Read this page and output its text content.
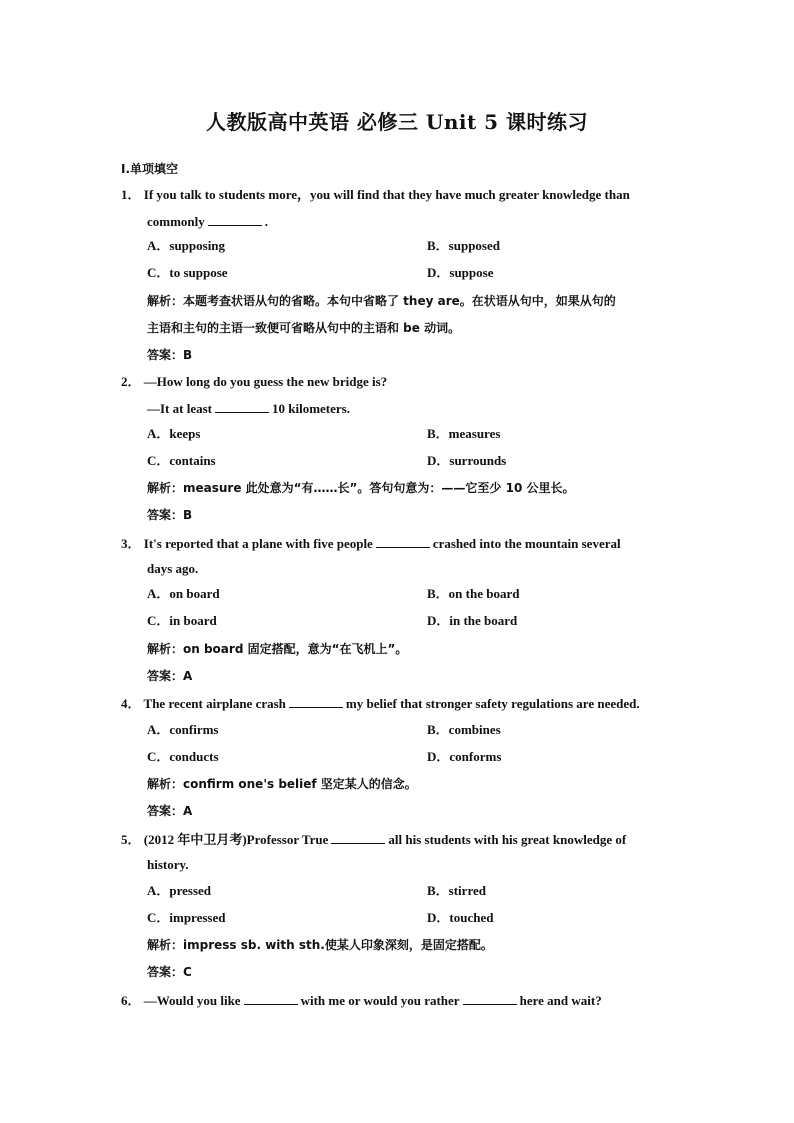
人教版高中英语 必修三 Unit 5 课时练习
Ⅰ.单项填空
1． If you talk to students more，you will find that they have much greater knowledge than
commonly	.
A．supposing	B．supposed
C．to suppose	D．suppose
解析：本题考查状语从句的省略。本句中省略了 they are。在状语从句中，如果从句的
主语和主句的主语一致便可省略从句中的主语和 be 动词。
答案：B
2． —How long do you guess the new bridge is?
—It at least	10 kilometers.
A．keeps	B．measures
C．contains	D．surrounds
解析：measure 此处意为“有……长”。答句句意为：——它至少 10 公里长。
答案：B
3． It's reported that a plane with five people	crashed into the mountain several
days ago.
A．on board	B．on the board
C．in board	D．in the board
解析：on board 固定搭配，意为“在飞机上”。
答案：A
4． The recent airplane crash	my belief that stronger safety regulations are needed.
A．confirms	B．combines
C．conducts	D．conforms
解析：confirm one's belief 坚定某人的信念。
答案：A
5． (2012 年中卫月考)Professor True	all his students with his great knowledge of
history.
A．pressed	B．stirred
C．impressed	D．touched
解析：impress sb. with sth.使某人印象深刻，是固定搭配。
答案：C
6． —Would you like	with me or would you rather	here and wait?
